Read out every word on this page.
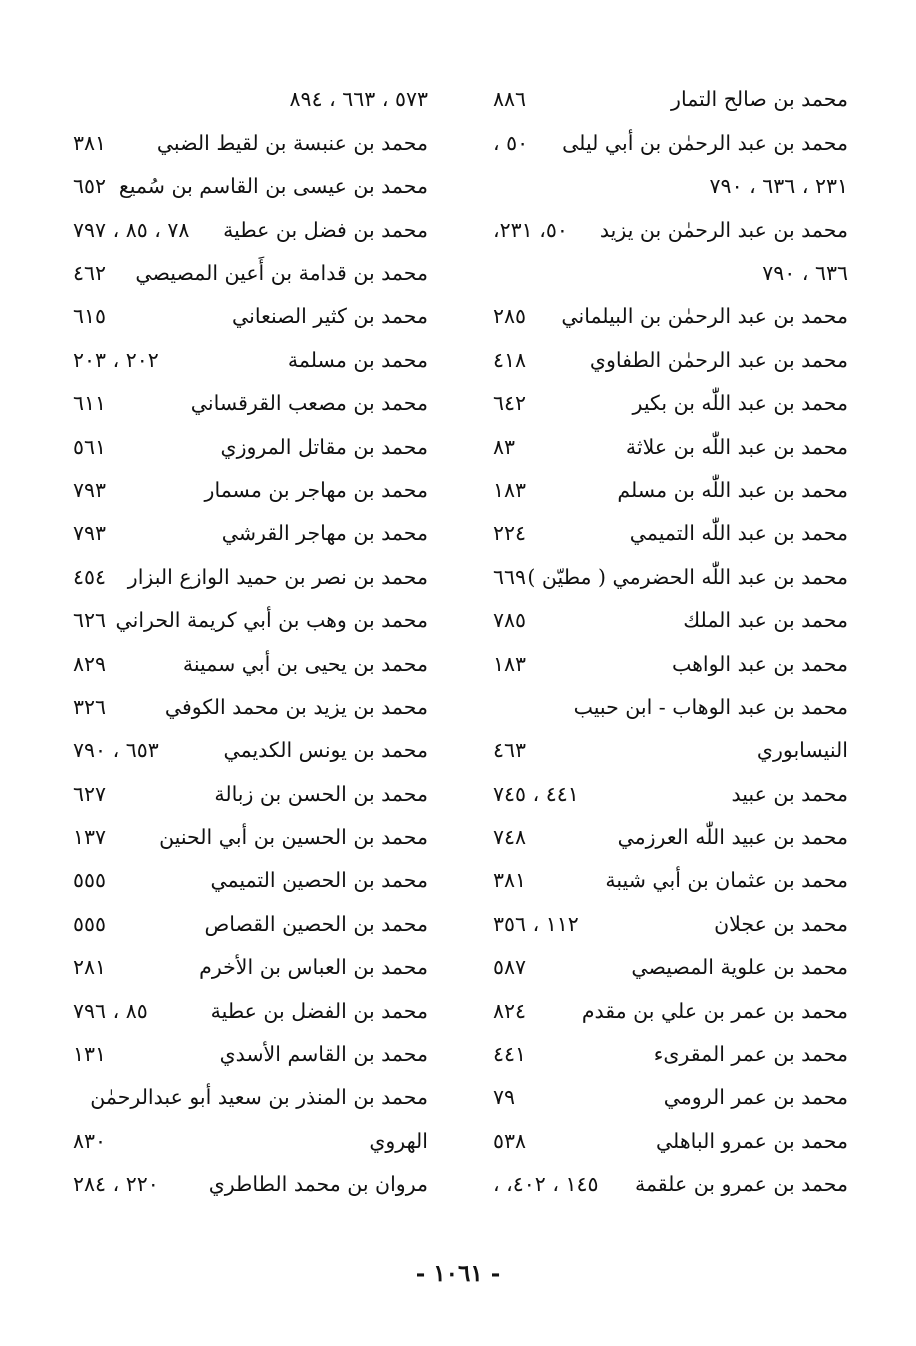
محمد بن صالح التمار
٨٨٦
محمد بن عبد الرحمٰن بن أبي ليلى
٥٠ ،
٢٣١ ، ٦٣٦ ، ٧٩٠
محمد بن عبد الرحمٰن بن يزيد
٥٠، ٢٣١،
٦٣٦ ، ٧٩٠
محمد بن عبد الرحمٰن بن البيلماني
٢٨٥
محمد بن عبد الرحمٰن الطفاوي
٤١٨
محمد بن عبد اللّٰه بن بكير
٦٤٢
محمد بن عبد اللّٰه بن علاثة
٨٣
محمد بن عبد اللّٰه بن مسلم
١٨٣
محمد بن عبد اللّٰه التميمي
٢٢٤
محمد بن عبد اللّٰه الحضرمي ( مطيّن )
٦٦٩
محمد بن عبد الملك
٧٨٥
محمد بن عبد الواهب
١٨٣
محمد بن عبد الوهاب - ابن حبيب
النيسابوري
٤٦٣
محمد بن عبيد
٤٤١ ، ٧٤٥
محمد بن عبيد اللّٰه العرزمي
٧٤٨
محمد بن عثمان بن أبي شيبة
٣٨١
محمد بن عجلان
١١٢ ، ٣٥٦
محمد بن علوية المصيصي
٥٨٧
محمد بن عمر بن علي بن مقدم
٨٢٤
محمد بن عمر المقرىء
٤٤١
محمد بن عمر الرومي
٧٩
محمد بن عمرو الباهلي
٥٣٨
محمد بن عمرو بن علقمة
١٤٥ ، ٤٠٢، ،
٥٧٣ ، ٦٦٣ ، ٨٩٤
محمد بن عنبسة بن لقيط الضبي
٣٨١
محمد بن عيسى بن القاسم بن سُميع
٦٥٢
محمد بن فضل بن عطية
٧٨ ، ٨٥ ، ٧٩٧
محمد بن قدامة بن أَعين المصيصي
٤٦٢
محمد بن كثير الصنعاني
٦١٥
محمد بن مسلمة
٢٠٢ ، ٢٠٣
محمد بن مصعب القرقساني
٦١١
محمد بن مقاتل المروزي
٥٦١
محمد بن مهاجر بن مسمار
٧٩٣
محمد بن مهاجر القرشي
٧٩٣
محمد بن نصر بن حميد الوازع البزار
٤٥٤
محمد بن وهب بن أبي كريمة الحراني
٦٢٦
محمد بن يحيى بن أبي سمينة
٨٢٩
محمد بن يزيد بن محمد الكوفي
٣٢٦
محمد بن يونس الكديمي
٦٥٣ ، ٧٩٠
محمد بن الحسن بن زبالة
٦٢٧
محمد بن الحسين بن أبي الحنين
١٣٧
محمد بن الحصين التميمي
٥٥٥
محمد بن الحصين القصاص
٥٥٥
محمد بن العباس بن الأخرم
٢٨١
محمد بن الفضل بن عطية
٨٥ ، ٧٩٦
محمد بن القاسم الأسدي
١٣١
محمد بن المنذر بن سعيد أبو عبدالرحمٰن
الهروي
٨٣٠
مروان بن محمد الطاطري
٢٢٠ ، ٢٨٤
- ١٠٦١ -
